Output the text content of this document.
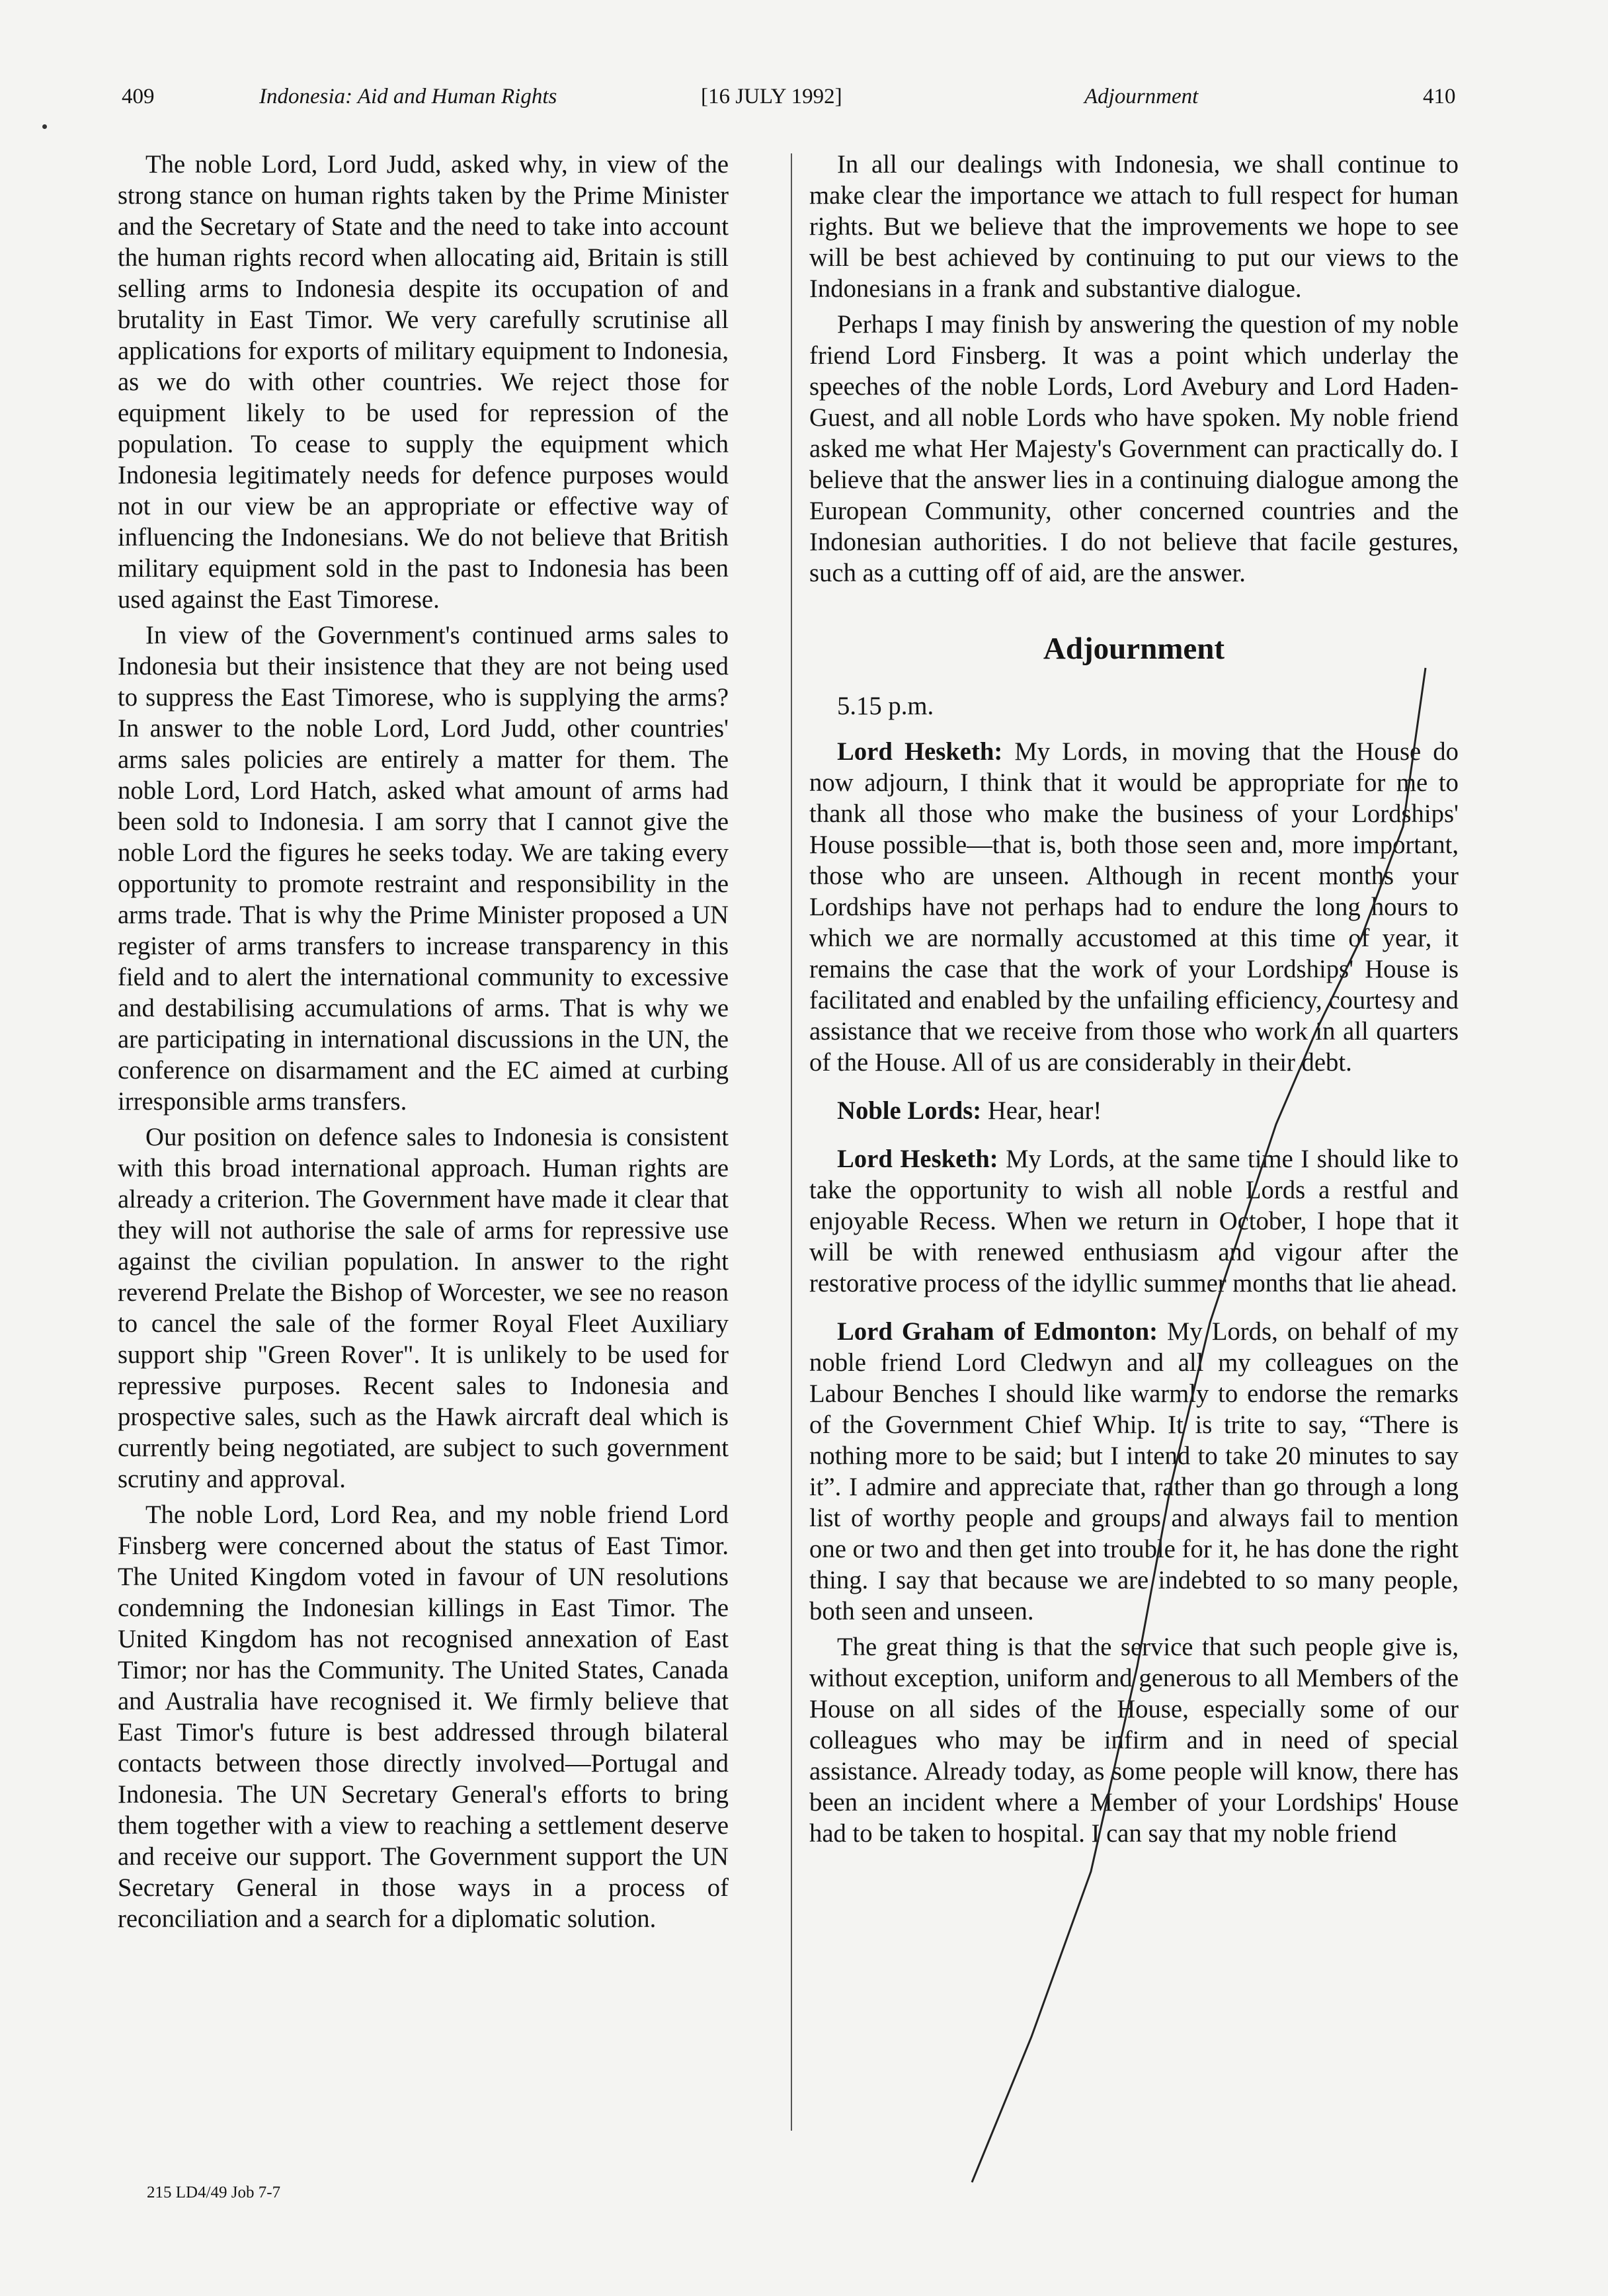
409	Indonesia: Aid and Human Rights	[16 JULY 1992]	Adjournment	410

The noble Lord, Lord Judd, asked why, in view of the strong stance on human rights taken by the Prime Minister and the Secretary of State and the need to take into account the human rights record when allocating aid, Britain is still selling arms to Indonesia despite its occupation of and brutality in East Timor. We very carefully scrutinise all applications for exports of military equipment to Indonesia, as we do with other countries. We reject those for equipment likely to be used for repression of the population. To cease to supply the equipment which Indonesia legitimately needs for defence purposes would not in our view be an appropriate or effective way of influencing the Indonesians. We do not believe that British military equipment sold in the past to Indonesia has been used against the East Timorese.

In view of the Government's continued arms sales to Indonesia but their insistence that they are not being used to suppress the East Timorese, who is supplying the arms? In answer to the noble Lord, Lord Judd, other countries' arms sales policies are entirely a matter for them. The noble Lord, Lord Hatch, asked what amount of arms had been sold to Indonesia. I am sorry that I cannot give the noble Lord the figures he seeks today. We are taking every opportunity to promote restraint and responsibility in the arms trade. That is why the Prime Minister proposed a UN register of arms transfers to increase transparency in this field and to alert the international community to excessive and destabilising accumulations of arms. That is why we are participating in international discussions in the UN, the conference on disarmament and the EC aimed at curbing irresponsible arms transfers.

Our position on defence sales to Indonesia is consistent with this broad international approach. Human rights are already a criterion. The Government have made it clear that they will not authorise the sale of arms for repressive use against the civilian population. In answer to the right reverend Prelate the Bishop of Worcester, we see no reason to cancel the sale of the former Royal Fleet Auxiliary support ship "Green Rover". It is unlikely to be used for repressive purposes. Recent sales to Indonesia and prospective sales, such as the Hawk aircraft deal which is currently being negotiated, are subject to such government scrutiny and approval.

The noble Lord, Lord Rea, and my noble friend Lord Finsberg were concerned about the status of East Timor. The United Kingdom voted in favour of UN resolutions condemning the Indonesian killings in East Timor. The United Kingdom has not recognised annexation of East Timor; nor has the Community. The United States, Canada and Australia have recognised it. We firmly believe that East Timor's future is best addressed through bilateral contacts between those directly involved—Portugal and Indonesia. The UN Secretary General's efforts to bring them together with a view to reaching a settlement deserve and receive our support. The Government support the UN Secretary General in those ways in a process of reconciliation and a search for a diplomatic solution.

In all our dealings with Indonesia, we shall continue to make clear the importance we attach to full respect for human rights. But we believe that the improvements we hope to see will be best achieved by continuing to put our views to the Indonesians in a frank and substantive dialogue.

Perhaps I may finish by answering the question of my noble friend Lord Finsberg. It was a point which underlay the speeches of the noble Lords, Lord Avebury and Lord Haden-Guest, and all noble Lords who have spoken. My noble friend asked me what Her Majesty's Government can practically do. I believe that the answer lies in a continuing dialogue among the European Community, other concerned countries and the Indonesian authorities. I do not believe that facile gestures, such as a cutting off of aid, are the answer.

Adjournment

5.15 p.m.

Lord Hesketh: My Lords, in moving that the House do now adjourn, I think that it would be appropriate for me to thank all those who make the business of your Lordships' House possible—that is, both those seen and, more important, those who are unseen. Although in recent months your Lordships have not perhaps had to endure the long hours to which we are normally accustomed at this time of year, it remains the case that the work of your Lordships' House is facilitated and enabled by the unfailing efficiency, courtesy and assistance that we receive from those who work in all quarters of the House. All of us are considerably in their debt.

Noble Lords: Hear, hear!

Lord Hesketh: My Lords, at the same time I should like to take the opportunity to wish all noble Lords a restful and enjoyable Recess. When we return in October, I hope that it will be with renewed enthusiasm and vigour after the restorative process of the idyllic summer months that lie ahead.

Lord Graham of Edmonton: My Lords, on behalf of my noble friend Lord Cledwyn and all my colleagues on the Labour Benches I should like warmly to endorse the remarks of the Government Chief Whip. It is trite to say, “There is nothing more to be said; but I intend to take 20 minutes to say it”. I admire and appreciate that, rather than go through a long list of worthy people and groups and always fail to mention one or two and then get into trouble for it, he has done the right thing. I say that because we are indebted to so many people, both seen and unseen.

The great thing is that the service that such people give is, without exception, uniform and generous to all Members of the House on all sides of the House, especially some of our colleagues who may be infirm and in need of special assistance. Already today, as some people will know, there has been an incident where a Member of your Lordships' House had to be taken to hospital. I can say that my noble friend

215 LD4/49 Job 7-7
